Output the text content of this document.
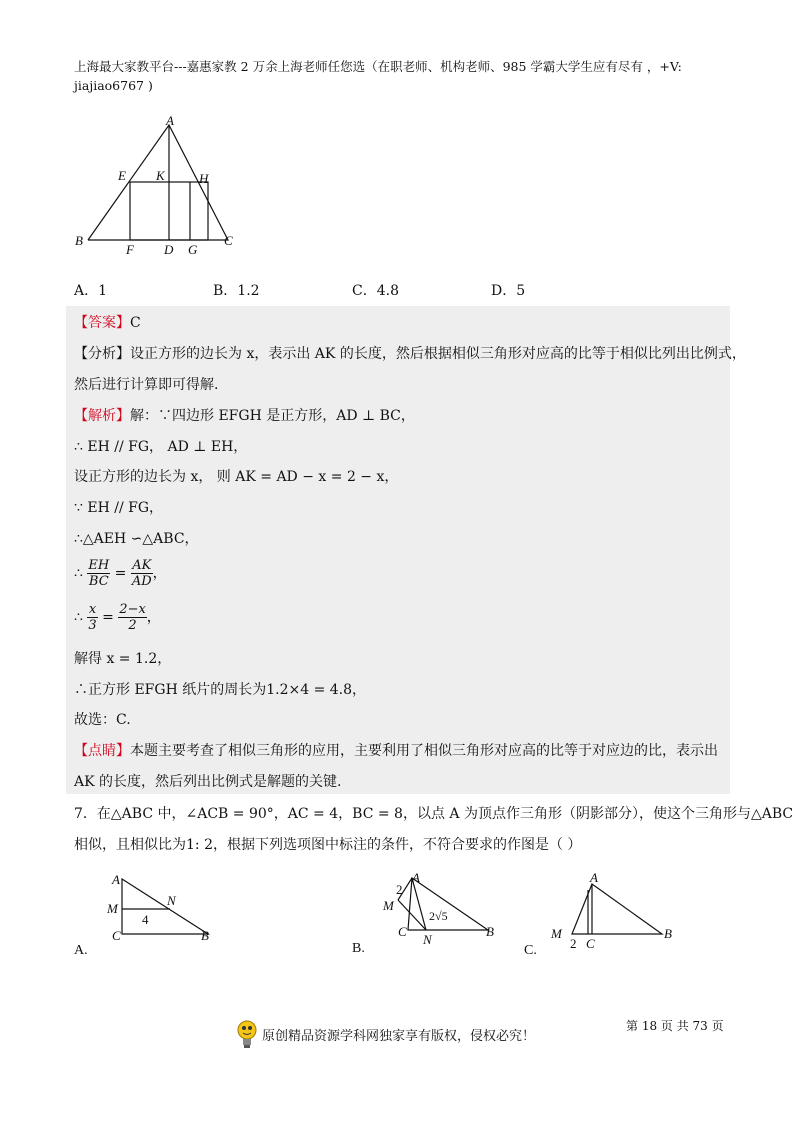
上海最大家教平台---嘉惠家教 2 万余上海老师任您选（在职老师、机构老师、985 学霸大学生应有尽有 ，+V:
jiajiao6767 )
A
E K	H
B
F D G
C
A．1	B．1.2	C．4.8	D．5
【答案】C
【分析】设正方形的边长为 x，表示出 AK 的长度，然后根据相似三角形对应高的比等于相似比列出比例式，
然后进行计算即可得解.
【解析】解：∵四边形 EFGH 是正方形，AD ⊥ BC，
∴ EH // FG， AD ⊥ EH，
设正方形的边长为 x， 则 AK = AD − x = 2 − x，
∵ EH // FG，
∴△AEH ∽△ABC，
∴ $\frac{EH}{BC} = \frac{AK}{AD}$ ，
∴ $\frac{x}{3} = \frac{2-x}{2}$ ，
解得 x = 1.2，
∴正方形 EFGH 纸片的周长为1.2×4 = 4.8，
故选：C.
【点睛】本题主要考查了相似三角形的应用，主要利用了相似三角形对应高的比等于对应边的比，表示出
AK 的长度，然后列出比例式是解题的关键.
7．在△ABC 中，∠ACB = 90°，AC = 4，BC = 8，以点 A 为顶点作三角形（阴影部分），使这个三角形与△ABC
相似，且相似比为1: 2，根据下列选项图中标注的条件，不符合要求的作图是（ ）
A
M
N
4
C	B
A.
2
A
M
2√5
C
N
B
B.
A
M
2 C
B
C.
原创精品资源学科网独家享有版权，侵权必究！
第 18 页 共 73 页
